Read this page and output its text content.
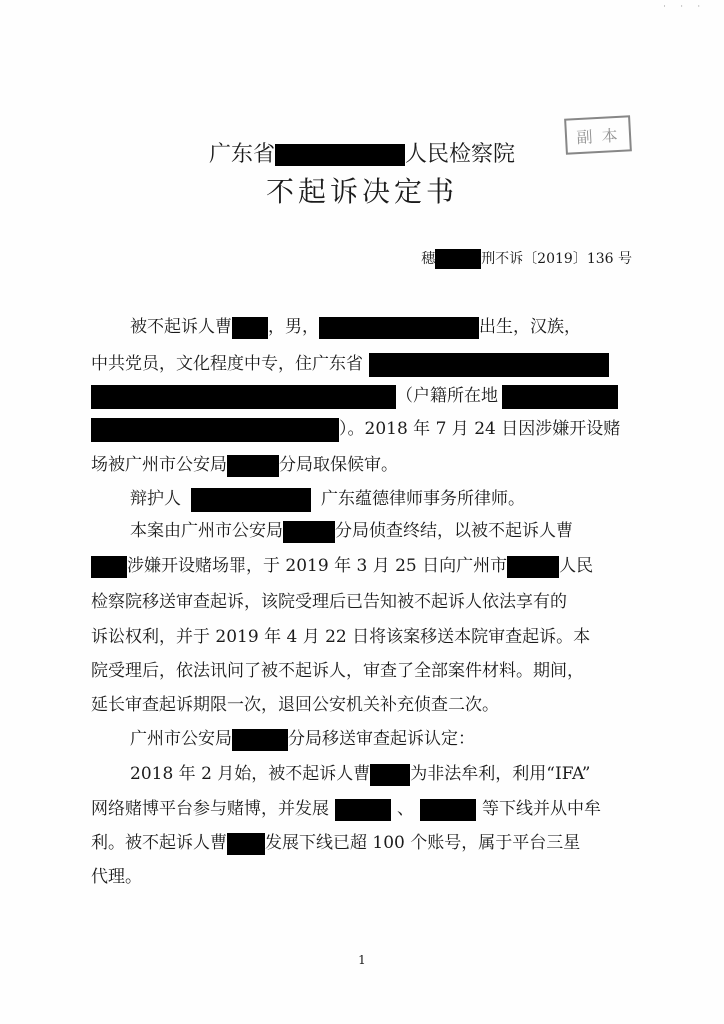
· · ·
副 本
广东省	人民检察院
不起诉决定书
穗	刑不诉〔2019〕136 号
被不起诉人曹 ，男，	出生，汉族，
中共党员，文化程度中专，住广东省
（户籍所在地
）。2018 年 7 月 24 日因涉嫌开设赌
场被广州市公安局	分局取保候审。
辩护人	广东蕴德律师事务所律师。
本案由广州市公安局	分局侦查终结，以被不起诉人曹
涉嫌开设赌场罪，于 2019 年 3 月 25 日向广州市	人民
检察院移送审查起诉，该院受理后已告知被不起诉人依法享有的
诉讼权利，并于 2019 年 4 月 22 日将该案移送本院审查起诉。本
院受理后，依法讯问了被不起诉人，审查了全部案件材料。期间，
延长审查起诉期限一次，退回公安机关补充侦查二次。
广州市公安局	分局移送审查起诉认定：
2018 年 2 月始，被不起诉人曹 为非法牟利，利用“IFA”
网络赌博平台参与赌博，并发展	、	等下线并从中牟
利。被不起诉人曹 发展下线已超 100 个账号，属于平台三星
代理。
1
